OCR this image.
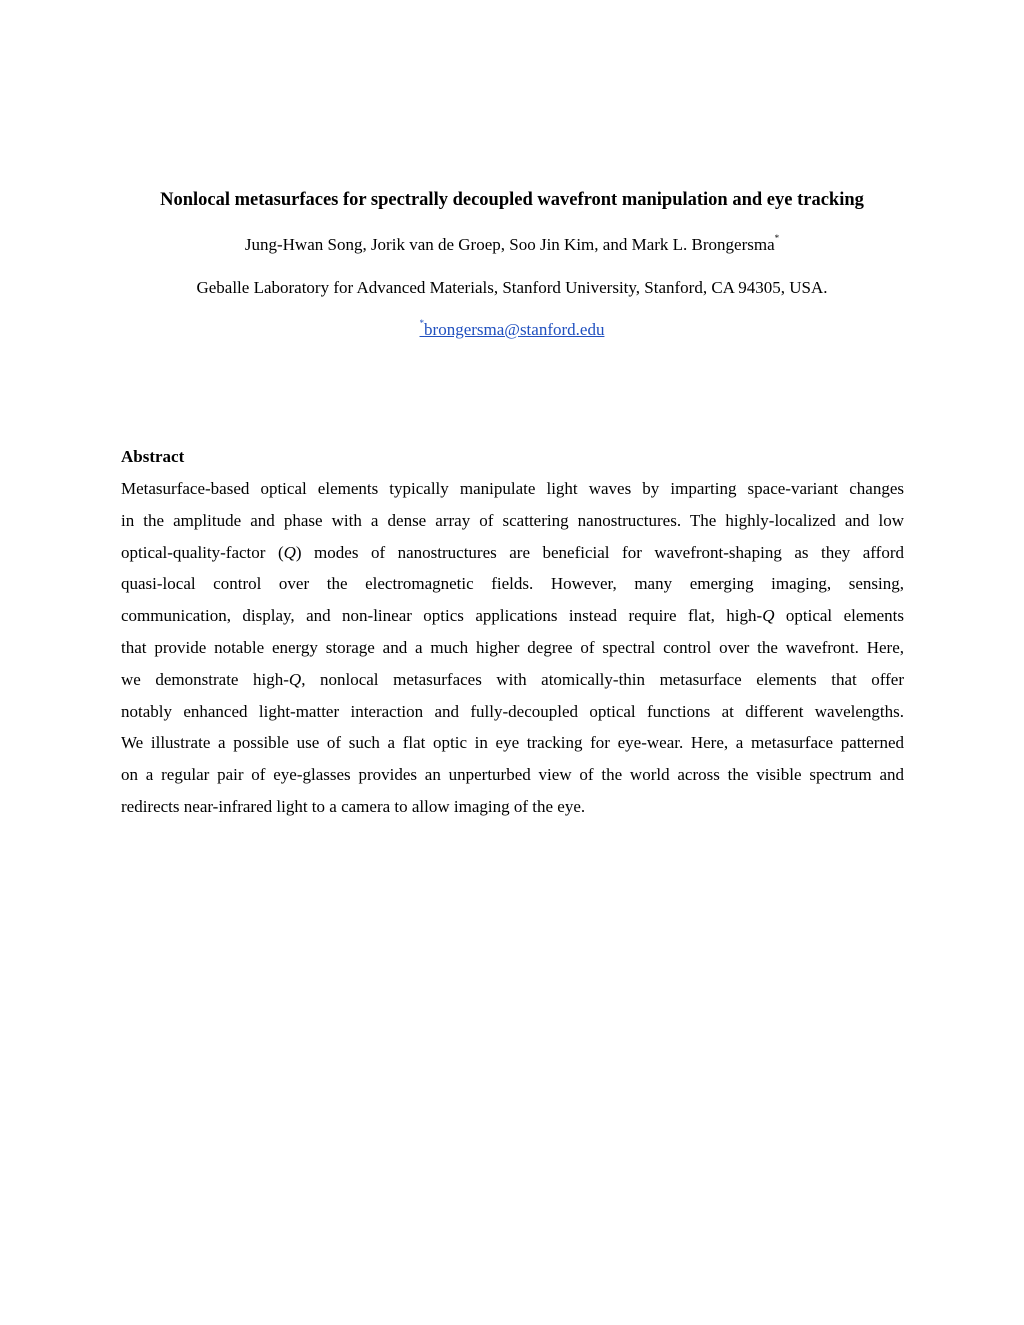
Nonlocal metasurfaces for spectrally decoupled wavefront manipulation and eye tracking

Jung-Hwan Song, Jorik van de Groep, Soo Jin Kim, and Mark L. Brongersma*

Geballe Laboratory for Advanced Materials, Stanford University, Stanford, CA 94305, USA.

*brongersma@stanford.edu

Abstract
Metasurface-based optical elements typically manipulate light waves by imparting space-variant changes
in the amplitude and phase with a dense array of scattering nanostructures. The highly-localized and low
optical-quality-factor (Q) modes of nanostructures are beneficial for wavefront-shaping as they afford
quasi-local control over the electromagnetic fields. However, many emerging imaging, sensing,
communication, display, and non-linear optics applications instead require flat, high-Q optical elements
that provide notable energy storage and a much higher degree of spectral control over the wavefront. Here,
we demonstrate high-Q, nonlocal metasurfaces with atomically-thin metasurface elements that offer
notably enhanced light-matter interaction and fully-decoupled optical functions at different wavelengths.
We illustrate a possible use of such a flat optic in eye tracking for eye-wear. Here, a metasurface patterned
on a regular pair of eye-glasses provides an unperturbed view of the world across the visible spectrum and
redirects near-infrared light to a camera to allow imaging of the eye.
